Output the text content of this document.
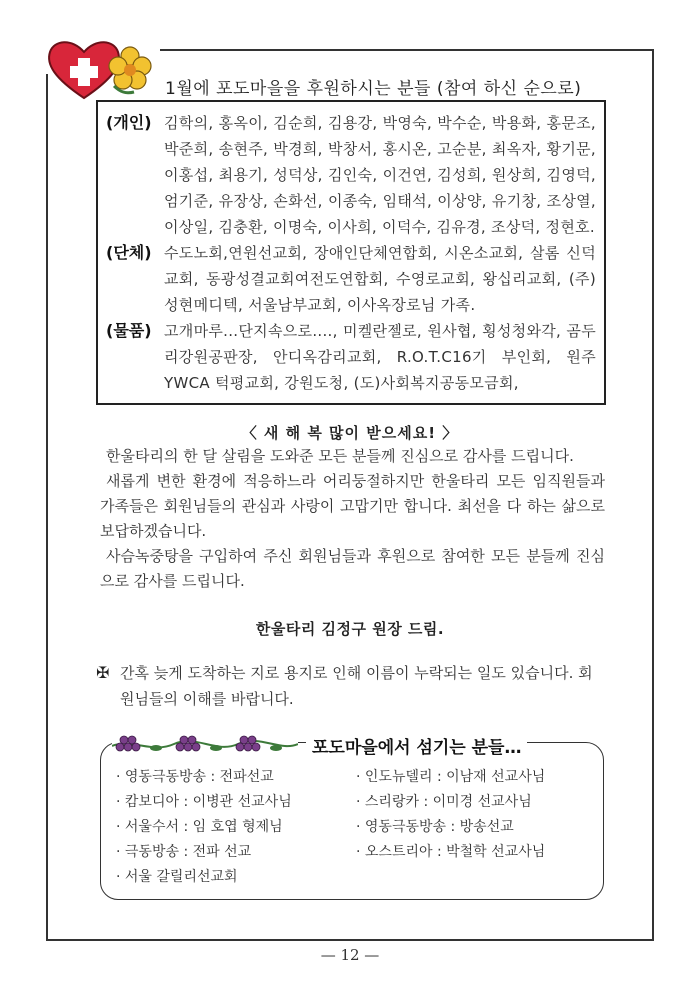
1월에 포도마을을 후원하시는 분들 (참여 하신 순으로)
(개인) 김학의, 홍옥이, 김순희, 김용강, 박영숙, 박수순, 박용화, 홍문조, 박준희, 송현주, 박경희, 박창서, 홍시온, 고순분, 최옥자, 황기문, 이홍섭, 최용기, 성덕상, 김인숙, 이건연, 김성희, 원상희, 김영덕, 엄기준, 유장상, 손화선, 이종숙, 임태석, 이상양, 유기창, 조상열, 이상일, 김충환, 이명숙, 이사희, 이덕수, 김유경, 조상덕, 정현호.
(단체) 수도노회,연원선교회, 장애인단체연합회, 시온소교회, 살롬 신덕교회, 동광성결교회여전도연합회, 수영로교회, 왕십리교회, (주)성현메디텍, 서울남부교회, 이사옥장로님 가족.
(물품) 고개마루...단지속으로...., 미켈란젤로, 원사협, 횡성청와각, 곰두리강원공판장, 안디옥감리교회, R.O.T.C16기 부인회, 원주YWCA 턱평교회, 강원도청, (도)사회복지공동모금회,
〈 새 해 복 많이 받으세요! 〉

한울타리의 한 달 살림을 도와준 모든 분들께 진심으로 감사를 드립니다.

새롭게 변한 환경에 적응하느라 어리둥절하지만 한울타리 모든 임직원들과 가족들은 회원님들의 관심과 사랑이 고맙기만 합니다. 최선을 다 하는 삶으로 보답하겠습니다.

사슴녹중탕을 구입하여 주신 회원님들과 후원으로 참여한 모든 분들께 진심으로 감사를 드립니다.

한울타리 김정구 원장 드림.
✠ 간혹 늦게 도착하는 지로 용지로 인해 이름이 누락되는 일도 있습니다. 회원님들의 이해를 바랍니다.
포도마을에서 섬기는 분들…
· 영동극동방송 : 전파선교	· 인도뉴델리 : 이남재 선교사님
· 캄보디아 : 이병관 선교사님	· 스리랑카 : 이미경 선교사님
· 서울수서 : 임 호엽 형제님	· 영동극동방송 : 방송선교
· 극동방송 : 전파 선교	· 오스트리아 : 박철학 선교사님
· 서울 갈릴리선교회
— 12 —
